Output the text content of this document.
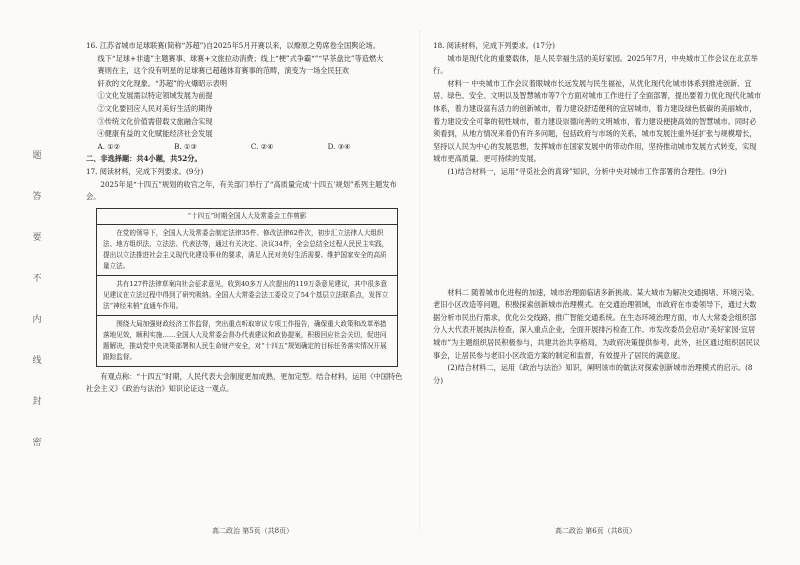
题
答
要
不
内
线
封
密

16. 江苏省城市足球联赛(简称“苏超”)自2025年5月开赛以来，以燎原之势席卷全国舆论场。

线下“足球+非遗”主题赛事、球赛+文旅拉动消费；线上“梗”式争霸“”“早茶盘比”等造燃大

赛则在主，这个没有明星的足球赛已超越体育赛事的范畴，演变为一场全民狂欢

轩欢的文化现象。“苏超”的火爆昭示表明

①文化发展需以特定领域发展为前提

②文化要回应人民对美好生活的期待

③传统文化价值需借载文旅融合实现

④健康有益的文化赋能经济社会发展

A. ①②	B. ①③	C. ②④	D. ③④

二、非选择题：共4小题，共52分。

17. 阅读材料，完成下列要求。(9分)

2025年是“十四五”规划的收官之年，有关部门举行了“高质量完成‘十四五’规划”系列主题发布会。

“十四五”时期全国人大及常委会工作剪影
在党的领导下，全国人大及常委会制定法律35件、修改法律62件次，初步汇立法律人大组织法、地方组织法、立法法、代表法等，通过有关决定、决议34件，全会总结全过程人民民主实践，提出以立法推进社会主义现代化建设事业的要求，满足人民对美好生活需要、维护国家安全的高质量立法。
共有127件法律草案向社会征求意见，收到40多万人次提出的119万条意见建议，其中很多意见建议在立法过程中得到了研究吸纳。全国人大常委会法工委设立了54个基层立法联系点，发挥立法“神经末梢”直通车作用。
围绕大局加强财政经济工作监督，突出重点听取审议专项工作报告，确保重大政策和改革举措落地见效，顺利实施……全国人大及常委会督办代表建议和政协提案，积极回应社会关切，促进问题解决，推动党中央决策部署和人民生命财产安全，对“十四五”规划确定的目标任务落实情况开展跟踪监督。

有观点称：“十四五”时期，人民代表大会制度更加成熟、更加定型。结合材料，运用《中国特色社会主义》《政治与法治》知识论证这一观点。

18. 阅读材料，完成下列要求。(17分)

城市是现代化的重要载体，是人民幸福生活的美好家园。2025年7月，中央城市工作会议在北京举行。

材料一 中央城市工作会议着眼城市长远发展与民生福祉，从优化现代化城市体系到推进创新、宜居、绿色、安全、文明以及智慧城市等7个方面对城市工作进行了全面部署，提出要着力优化现代化城市体系，着力建设富有活力的创新城市，着力建设舒适便利的宜居城市，着力建设绿色低碳的美丽城市，着力建设安全可靠的韧性城市，着力建设崇德向善的文明城市，着力建设便捷高效的智慧城市。同时必须看到，从地方情况来看仍有许多问题，包括政府与市场的关系，城市发展注重外延扩张与规模增长，坚持以人民为中心的发展思想，发挥城市在国家发展中的带动作用，坚持推动城市发展方式转变，实现城市更高质量、更可持续的发展。

(1)结合材料一，运用“寻觅社会的真谛”知识，分析中央对城市工作部署的合理性。(9分)

材料二 随着城市化进程的加速，城市治理面临诸多新挑战。某大城市为解决交通拥堵、环境污染、老旧小区改造等问题，积极探索创新城市治理模式。在交通治理领域，市政府在市委领导下，通过大数据分析市民出行需求，优化公交线路，推广智能交通系统。在生态环境治理方面，市人大常委会组织部分人大代表开展执法检查，深入重点企业，全面开展排污检查工作。市发改委员会启动“美好家园·宜居城市”为主题组织居民积极参与，共建共治共享格局，为政府决策提供参考。此外，社区通过组织居民议事会，让居民参与老旧小区改造方案的制定和监督，有效提升了居民的满意度。

(2)结合材料二，运用《政治与法治》知识，阐明该市的做法对探索创新城市治理模式的启示。(8分)

高二政治 第5页（共8页）	高二政治 第6页（共8页）
